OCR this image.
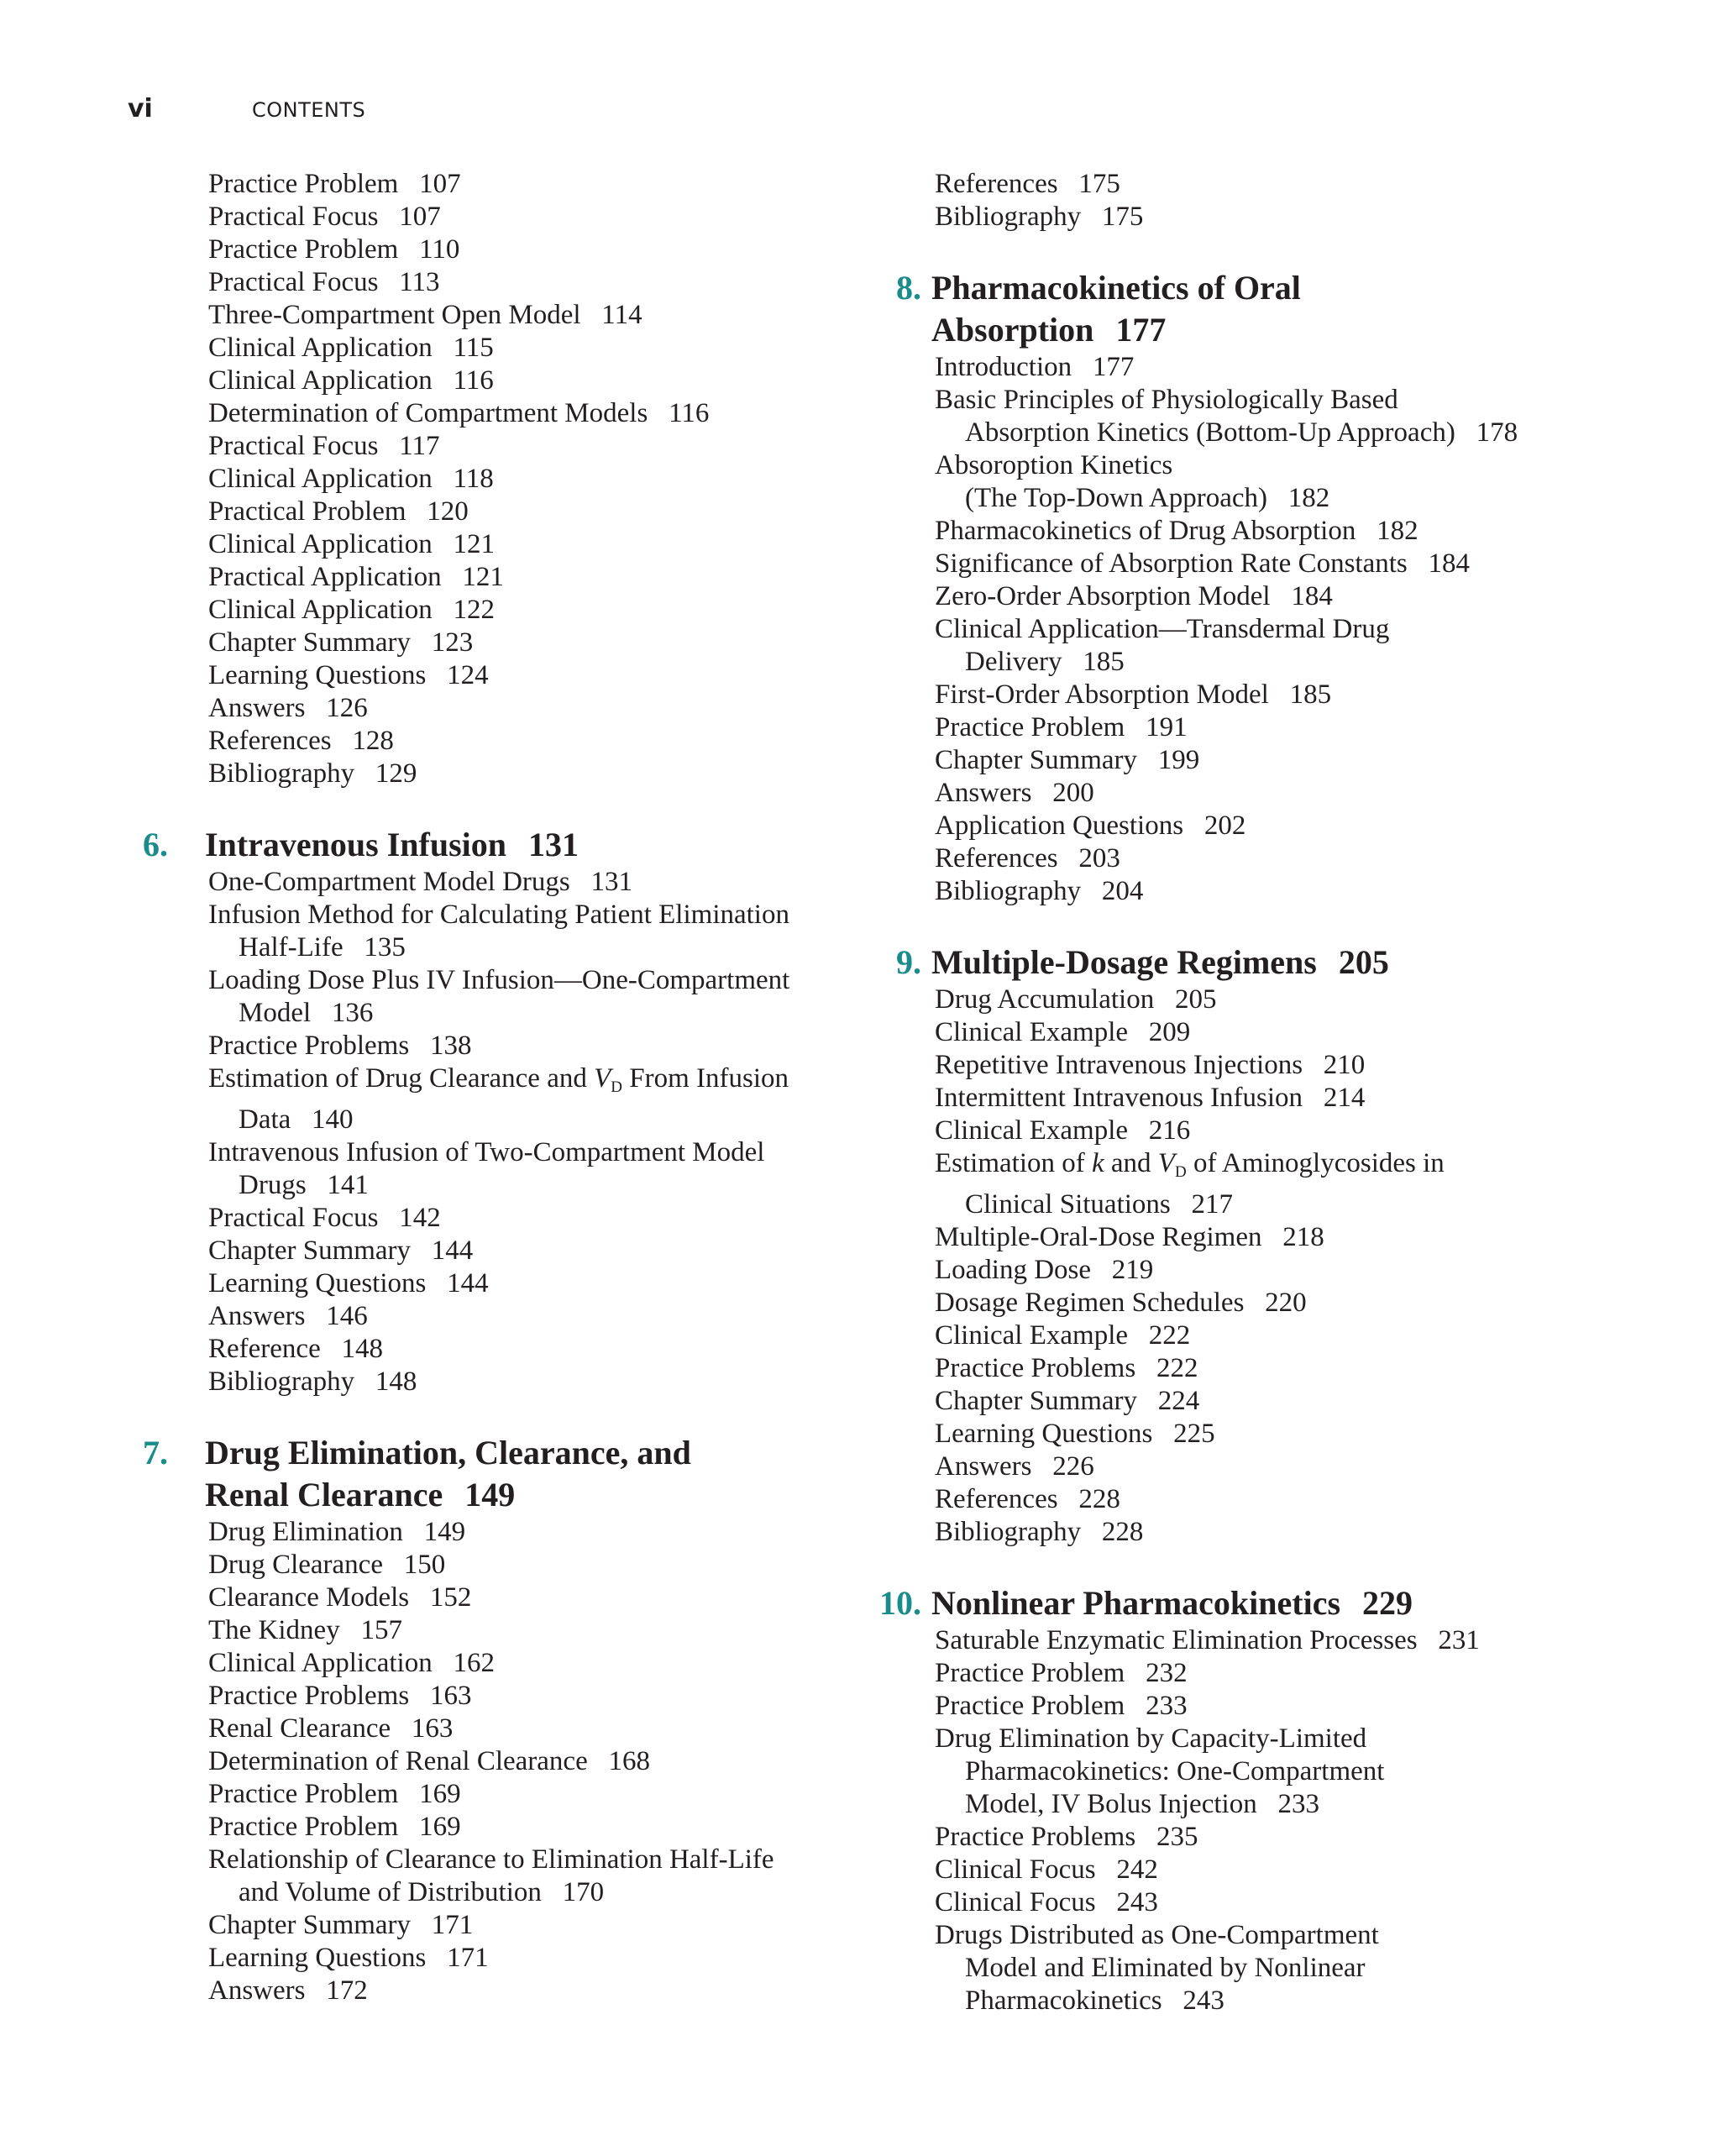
vi	CONTENTS
Practice Problem 107
Practical Focus 107
Practice Problem 110
Practical Focus 113
Three-Compartment Open Model 114
Clinical Application 115
Clinical Application 116
Determination of Compartment Models 116
Practical Focus 117
Clinical Application 118
Practical Problem 120
Clinical Application 121
Practical Application 121
Clinical Application 122
Chapter Summary 123
Learning Questions 124
Answers 126
References 128
Bibliography 129
6.	Intravenous Infusion 131
One-Compartment Model Drugs 131
Infusion Method for Calculating Patient Elimination
Half-Life 135
Loading Dose Plus IV Infusion—One-Compartment
Model 136
Practice Problems 138
Estimation of Drug Clearance and $V_D$ From Infusion
Data 140
Intravenous Infusion of Two-Compartment Model
Drugs 141
Practical Focus 142
Chapter Summary 144
Learning Questions 144
Answers 146
Reference 148
Bibliography 148
7.	Drug Elimination, Clearance, and
Renal Clearance 149
Drug Elimination 149
Drug Clearance 150
Clearance Models 152
The Kidney 157
Clinical Application 162
Practice Problems 163
Renal Clearance 163
Determination of Renal Clearance 168
Practice Problem 169
Practice Problem 169
Relationship of Clearance to Elimination Half-Life
and Volume of Distribution 170
Chapter Summary 171
Learning Questions 171
Answers 172
References 175
Bibliography 175
8. Pharmacokinetics of Oral
Absorption 177
Introduction 177
Basic Principles of Physiologically Based
Absorption Kinetics (Bottom-Up Approach) 178
Absoroption Kinetics
(The Top-Down Approach) 182
Pharmacokinetics of Drug Absorption 182
Significance of Absorption Rate Constants 184
Zero-Order Absorption Model 184
Clinical Application—Transdermal Drug
Delivery 185
First-Order Absorption Model 185
Practice Problem 191
Chapter Summary 199
Answers 200
Application Questions 202
References 203
Bibliography 204
9. Multiple-Dosage Regimens 205
Drug Accumulation 205
Clinical Example 209
Repetitive Intravenous Injections 210
Intermittent Intravenous Infusion 214
Clinical Example 216
Estimation of k and $V_D$ of Aminoglycosides in
Clinical Situations 217
Multiple-Oral-Dose Regimen 218
Loading Dose 219
Dosage Regimen Schedules 220
Clinical Example 222
Practice Problems 222
Chapter Summary 224
Learning Questions 225
Answers 226
References 228
Bibliography 228
10. Nonlinear Pharmacokinetics 229
Saturable Enzymatic Elimination Processes 231
Practice Problem 232
Practice Problem 233
Drug Elimination by Capacity-Limited
Pharmacokinetics: One-Compartment
Model, IV Bolus Injection 233
Practice Problems 235
Clinical Focus 242
Clinical Focus 243
Drugs Distributed as One-Compartment
Model and Eliminated by Nonlinear
Pharmacokinetics 243
